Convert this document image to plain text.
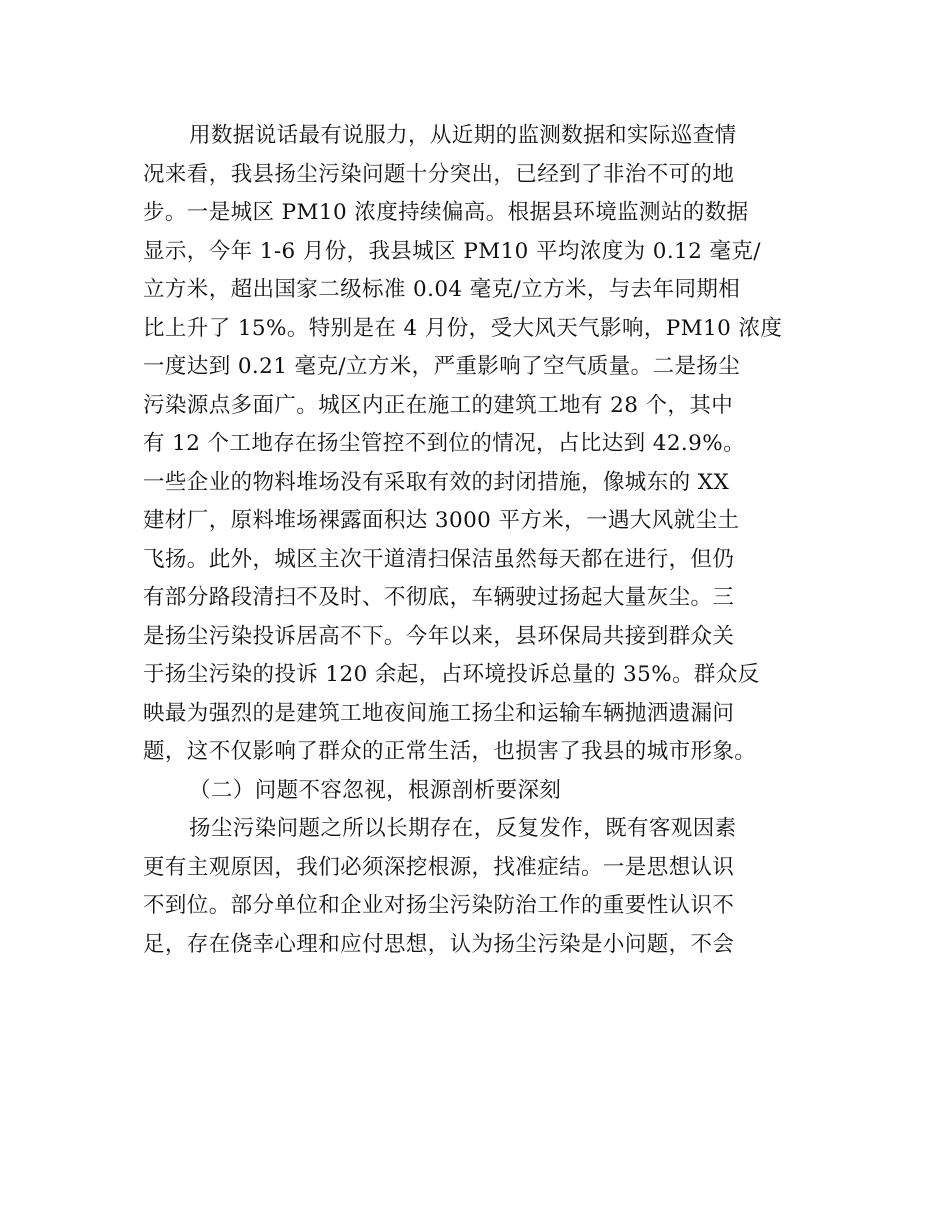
用数据说话最有说服力，从近期的监测数据和实际巡查情
况来看，我县扬尘污染问题十分突出，已经到了非治不可的地
步。一是城区 PM10 浓度持续偏高。根据县环境监测站的数据
显示，今年 1-6 月份，我县城区 PM10 平均浓度为 0.12 毫克/
立方米，超出国家二级标准 0.04 毫克/立方米，与去年同期相
比上升了 15%。特别是在 4 月份，受大风天气影响，PM10 浓度
一度达到 0.21 毫克/立方米，严重影响了空气质量。二是扬尘
污染源点多面广。城区内正在施工的建筑工地有 28 个，其中
有 12 个工地存在扬尘管控不到位的情况，占比达到 42.9%。
一些企业的物料堆场没有采取有效的封闭措施，像城东的 XX
建材厂，原料堆场裸露面积达 3000 平方米，一遇大风就尘土
飞扬。此外，城区主次干道清扫保洁虽然每天都在进行，但仍
有部分路段清扫不及时、不彻底，车辆驶过扬起大量灰尘。三
是扬尘污染投诉居高不下。今年以来，县环保局共接到群众关
于扬尘污染的投诉 120 余起，占环境投诉总量的 35%。群众反
映最为强烈的是建筑工地夜间施工扬尘和运输车辆抛洒遗漏问
题，这不仅影响了群众的正常生活，也损害了我县的城市形象。
（二）问题不容忽视，根源剖析要深刻
扬尘污染问题之所以长期存在，反复发作，既有客观因素
更有主观原因，我们必须深挖根源，找准症结。一是思想认识
不到位。部分单位和企业对扬尘污染防治工作的重要性认识不
足，存在侥幸心理和应付思想，认为扬尘污染是小问题，不会
